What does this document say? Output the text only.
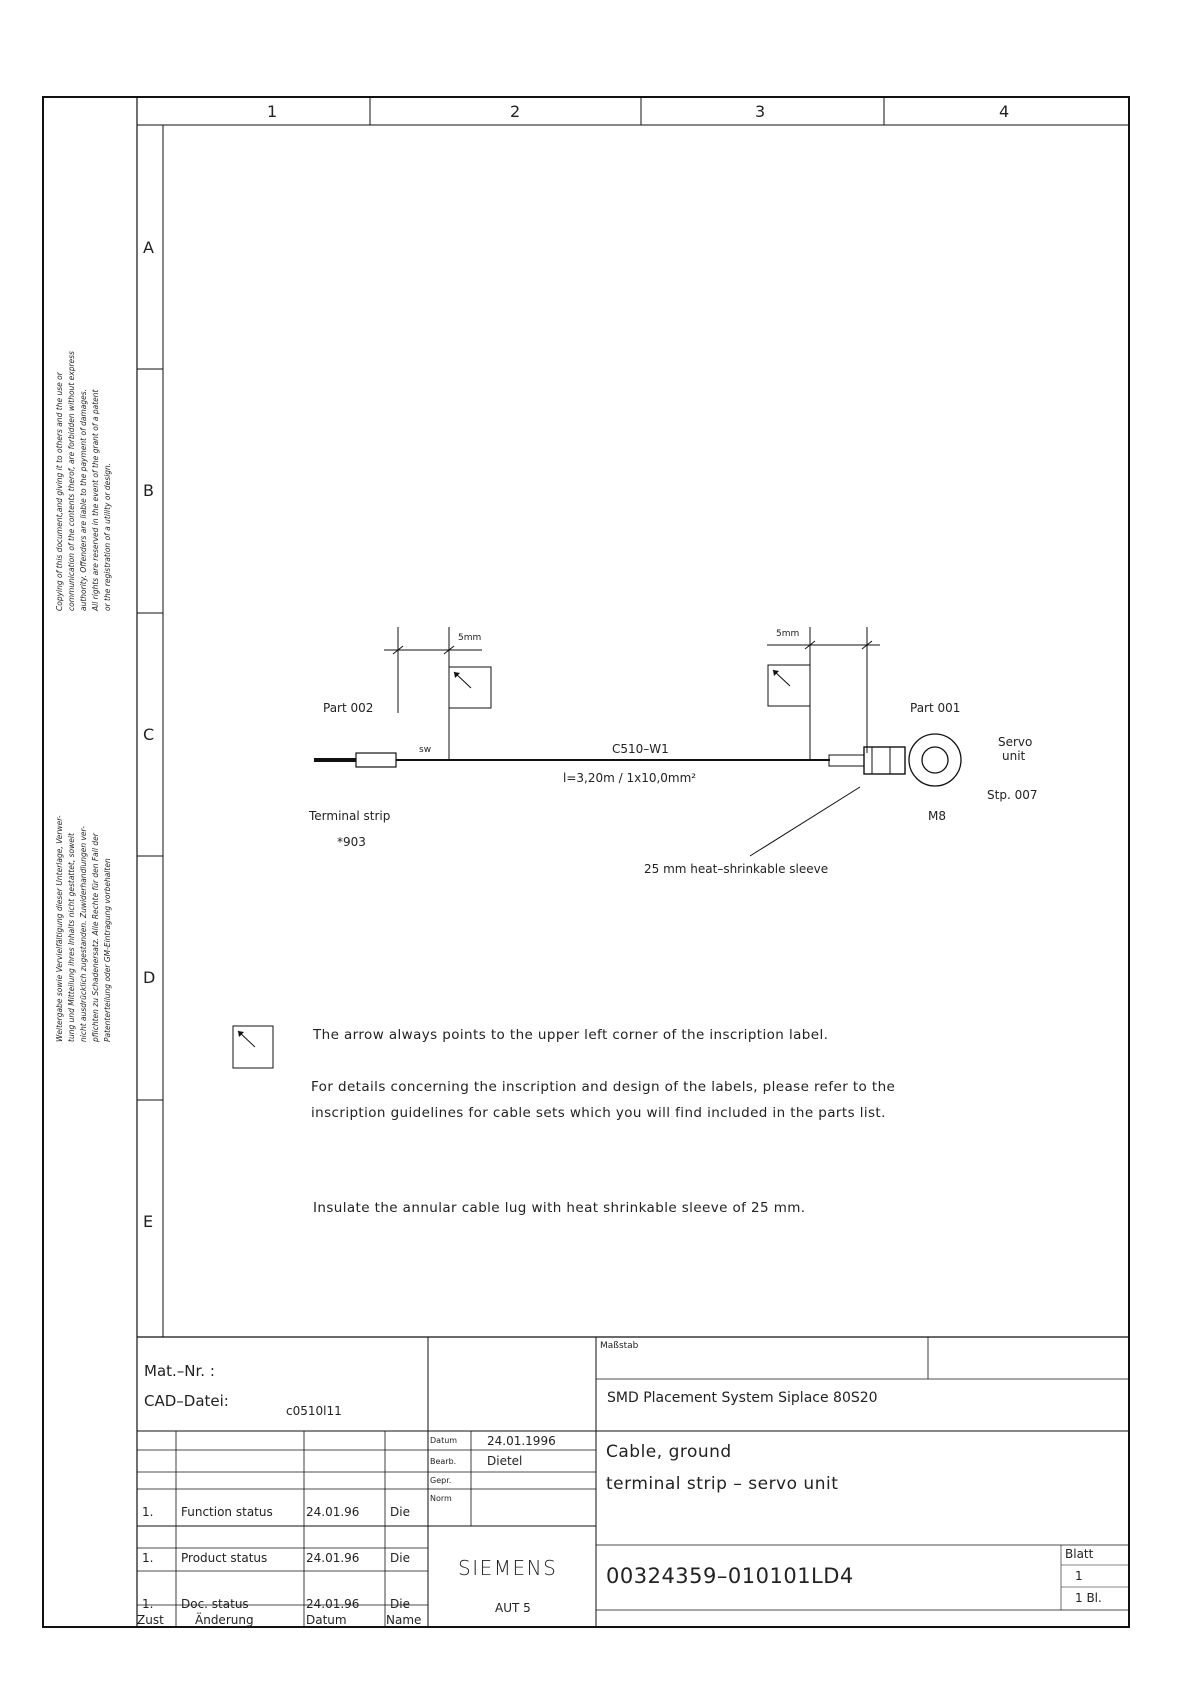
1	2	3	4
A
B
C
D
E
Copying of this document,and giving it to others and the use or communication of the contents therof, are forbidden without express authority. Offenders are liable to the payment of damages. All rights are reserved in the event of the grant of a patent or the registration of a utility or design.
Weitergabe sowie Vervielfältigung dieser Unterlage, Verwer- tung und Mitteilung ihres Inhalts nicht gestattet, soweit nicht ausdrücklich zugestanden. Zuwiderhandlungen ver- pflichten zu Schadenersatz. Alle Rechte für den Fall der Patenterteilung oder GM-Eintragung vorbehalten
5mm	5mm
Part 002	Part 001
sw	C510–W1
l=3,20m / 1x10,0mm²
Terminal strip
*903
Servo
unit
Stp. 007
M8
25 mm heat–shrinkable sleeve
The arrow always points to the upper left corner of the inscription label.
For details concerning the inscription and design of the labels, please refer to the
inscription guidelines for cable sets which you will find included in the parts list.
Insulate the annular cable lug with heat shrinkable sleeve of 25 mm.
Mat.–Nr. :
CAD–Datei:
c0510l11
Maßstab
SMD Placement System Siplace 80S20
Datum 24.01.1996
Bearb.	Dietel
Gepr.
Norm
Cable, ground
terminal strip – servo unit
1. Function status	24.01.96	Die
1. Product status	24.01.96	Die
1. Doc. status	24.01.96	Die
Zust	Änderung	Datum	Name
SIEMENS
AUT 5
00324359–010101LD4
Blatt
1
1 Bl.
